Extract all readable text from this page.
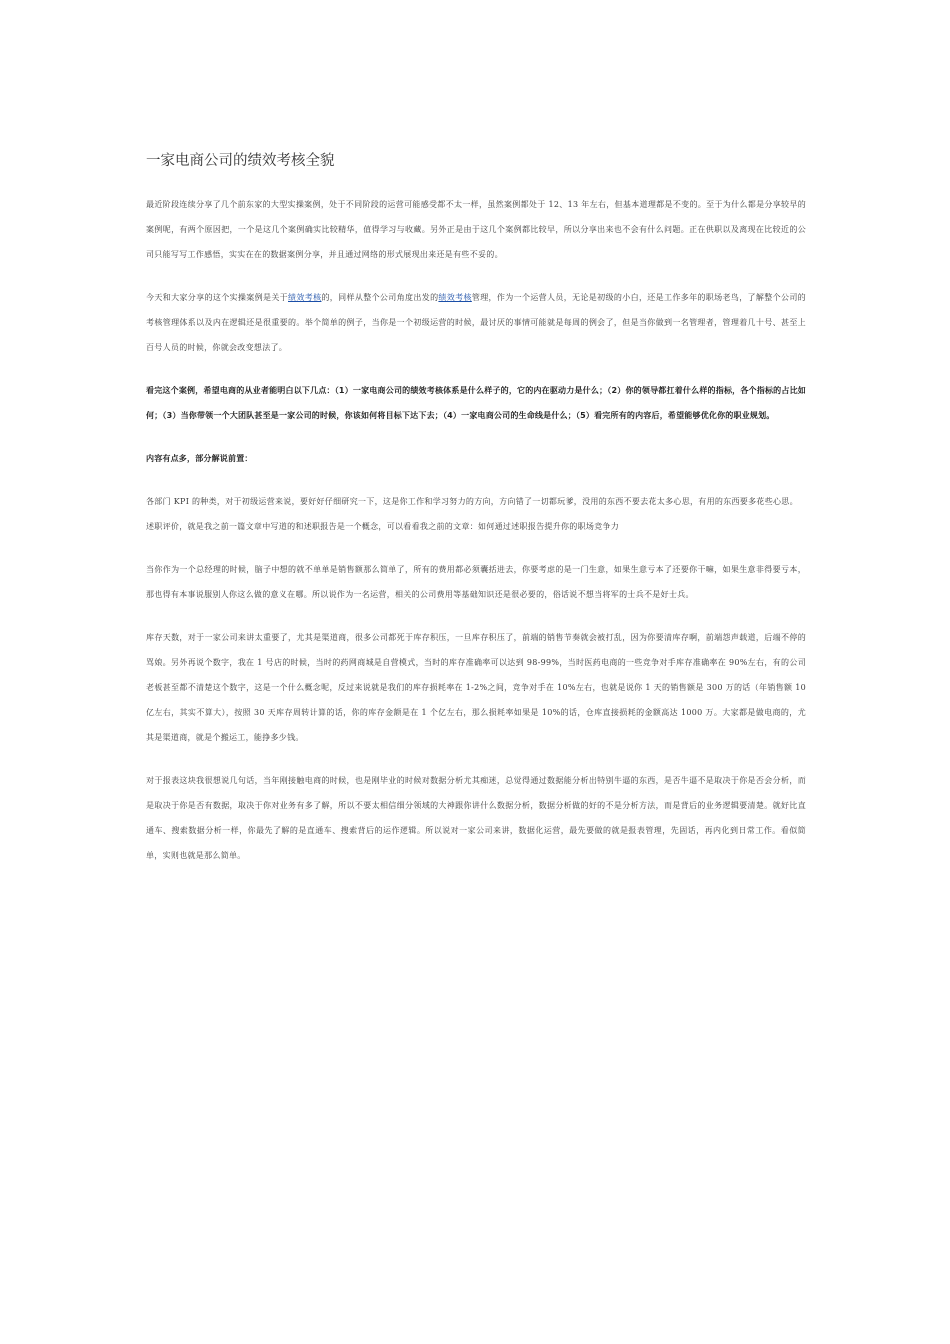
一家电商公司的绩效考核全貌

最近阶段连续分享了几个前东家的大型实操案例，处于不同阶段的运营可能感受都不太一样，虽然案例都处于 12、13 年左右，但基本道理都是不变的。至于为什么都是分享较早的案例呢，有两个原因把，一个是这几个案例确实比较精华，值得学习与收藏。另外正是由于这几个案例都比较早，所以分享出来也不会有什么问题。正在供职以及离现在比较近的公司只能写写工作感悟，实实在在的数据案例分享，并且通过网络的形式展现出来还是有些不妥的。

今天和大家分享的这个实操案例是关于绩效考核的，同样从整个公司角度出发的绩效考核管理，作为一个运营人员，无论是初级的小白，还是工作多年的职场老鸟，了解整个公司的考核管理体系以及内在逻辑还是很重要的。举个简单的例子，当你是一个初级运营的时候，最讨厌的事情可能就是每周的例会了，但是当你做到一名管理者，管理着几十号、甚至上百号人员的时候，你就会改变想法了。

看完这个案例，希望电商的从业者能明白以下几点：（1）一家电商公司的绩效考核体系是什么样子的，它的内在驱动力是什么；（2）你的领导都扛着什么样的指标，各个指标的占比如何；（3）当你带领一个大团队甚至是一家公司的时候，你该如何将目标下达下去；（4）一家电商公司的生命线是什么；（5）看完所有的内容后，希望能够优化你的职业规划。

内容有点多，部分解说前置：

各部门 KPI 的种类，对于初级运营来说，要好好仔细研究一下，这是你工作和学习努力的方向，方向错了一切都玩爹，没用的东西不要去花太多心思，有用的东西要多花些心思。

述职评价，就是我之前一篇文章中写道的和述职报告是一个概念，可以看看我之前的文章：如何通过述职报告提升你的职场竞争力

当你作为一个总经理的时候，脑子中想的就不单单是销售额那么简单了，所有的费用都必须囊括进去，你要考虑的是一门生意，如果生意亏本了还要你干嘛，如果生意非得要亏本，那也得有本事说服别人你这么做的意义在哪。所以说作为一名运营，相关的公司费用等基础知识还是很必要的，俗话说不想当将军的士兵不是好士兵。

库存天数，对于一家公司来讲太重要了，尤其是渠道商，很多公司都死于库存积压，一旦库存积压了，前端的销售节奏就会被打乱，因为你要清库存啊，前端怨声载道，后端不停的骂娘。另外再说个数字，我在 1 号店的时候，当时的药网商城是自营模式，当时的库存准确率可以达到 98-99%，当时医药电商的一些竞争对手库存准确率在 90%左右，有的公司老板甚至都不清楚这个数字，这是一个什么概念呢，反过来说就是我们的库存损耗率在 1-2%之间，竞争对手在 10%左右，也就是说你 1 天的销售额是 300 万的话（年销售额 10 亿左右，其实不算大），按照 30 天库存周转计算的话，你的库存金额是在 1 个亿左右，那么损耗率如果是 10%的话，仓库直接损耗的金额高达 1000 万。大家都是做电商的，尤其是渠道商，就是个搬运工，能挣多少钱。

对于报表这块我很想说几句话，当年刚接触电商的时候，也是刚毕业的时候对数据分析尤其痴迷，总觉得通过数据能分析出特别牛逼的东西，是否牛逼不是取决于你是否会分析，而是取决于你是否有数据，取决于你对业务有多了解，所以不要太相信细分领域的大神跟你讲什么数据分析，数据分析做的好的不是分析方法，而是背后的业务逻辑要清楚。就好比直通车、搜索数据分析一样，你最先了解的是直通车、搜索背后的运作逻辑。所以说对一家公司来讲，数据化运营，最先要做的就是报表管理，先固话，再内化到日常工作。看似简单，实则也就是那么简单。
